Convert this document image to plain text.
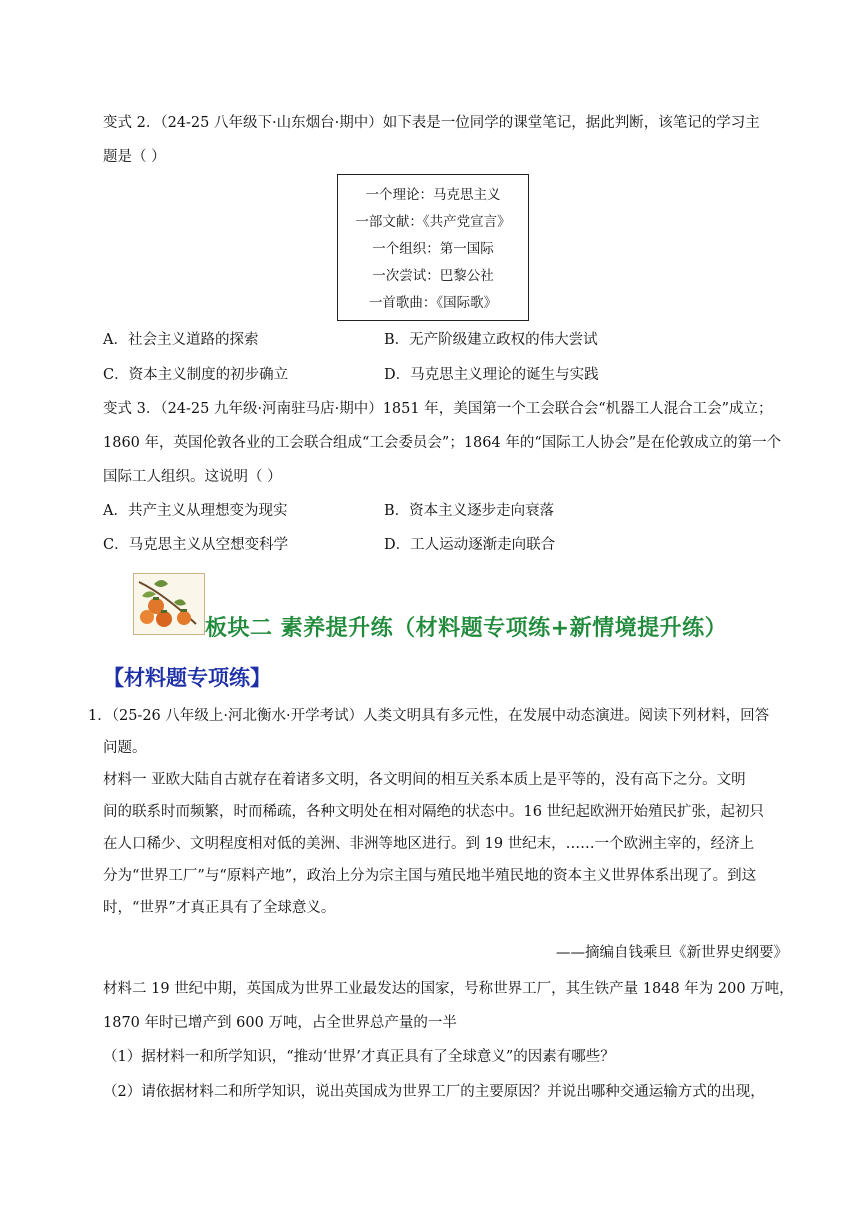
变式 2．（24-25 八年级下·山东烟台·期中）如下表是一位同学的课堂笔记，据此判断，该笔记的学习主
题是（ ）
一个理论：马克思主义
一部文献：《共产党宣言》
一个组织：第一国际
一次尝试：巴黎公社
一首歌曲：《国际歌》
A．社会主义道路的探索	B．无产阶级建立政权的伟大尝试
C．资本主义制度的初步确立	D．马克思主义理论的诞生与实践
变式 3．（24-25 九年级·河南驻马店·期中）1851 年，美国第一个工会联合会“机器工人混合工会”成立；
1860 年，英国伦敦各业的工会联合组成“工会委员会”；1864 年的“国际工人协会”是在伦敦成立的第一个
国际工人组织。这说明（ ）
A．共产主义从理想变为现实	B．资本主义逐步走向衰落
C．马克思主义从空想变科学	D．工人运动逐渐走向联合
板块二 素养提升练（材料题专项练+新情境提升练）
【材料题专项练】
1．（25-26 八年级上·河北衡水·开学考试）人类文明具有多元性，在发展中动态演进。阅读下列材料，回答
问题。
材料一 亚欧大陆自古就存在着诸多文明，各文明间的相互关系本质上是平等的，没有高下之分。文明
间的联系时而频繁，时而稀疏，各种文明处在相对隔绝的状态中。16 世纪起欧洲开始殖民扩张，起初只
在人口稀少、文明程度相对低的美洲、非洲等地区进行。到 19 世纪末，……一个欧洲主宰的，经济上
分为“世界工厂”与“原料产地”，政治上分为宗主国与殖民地半殖民地的资本主义世界体系出现了。到这
时，“世界”才真正具有了全球意义。
——摘编自钱乘旦《新世界史纲要》
材料二 19 世纪中期，英国成为世界工业最发达的国家，号称世界工厂，其生铁产量 1848 年为 200 万吨，
1870 年时已增产到 600 万吨，占全世界总产量的一半
（1）据材料一和所学知识，“推动‘世界’才真正具有了全球意义”的因素有哪些？
（2）请依据材料二和所学知识，说出英国成为世界工厂的主要原因？并说出哪种交通运输方式的出现，
